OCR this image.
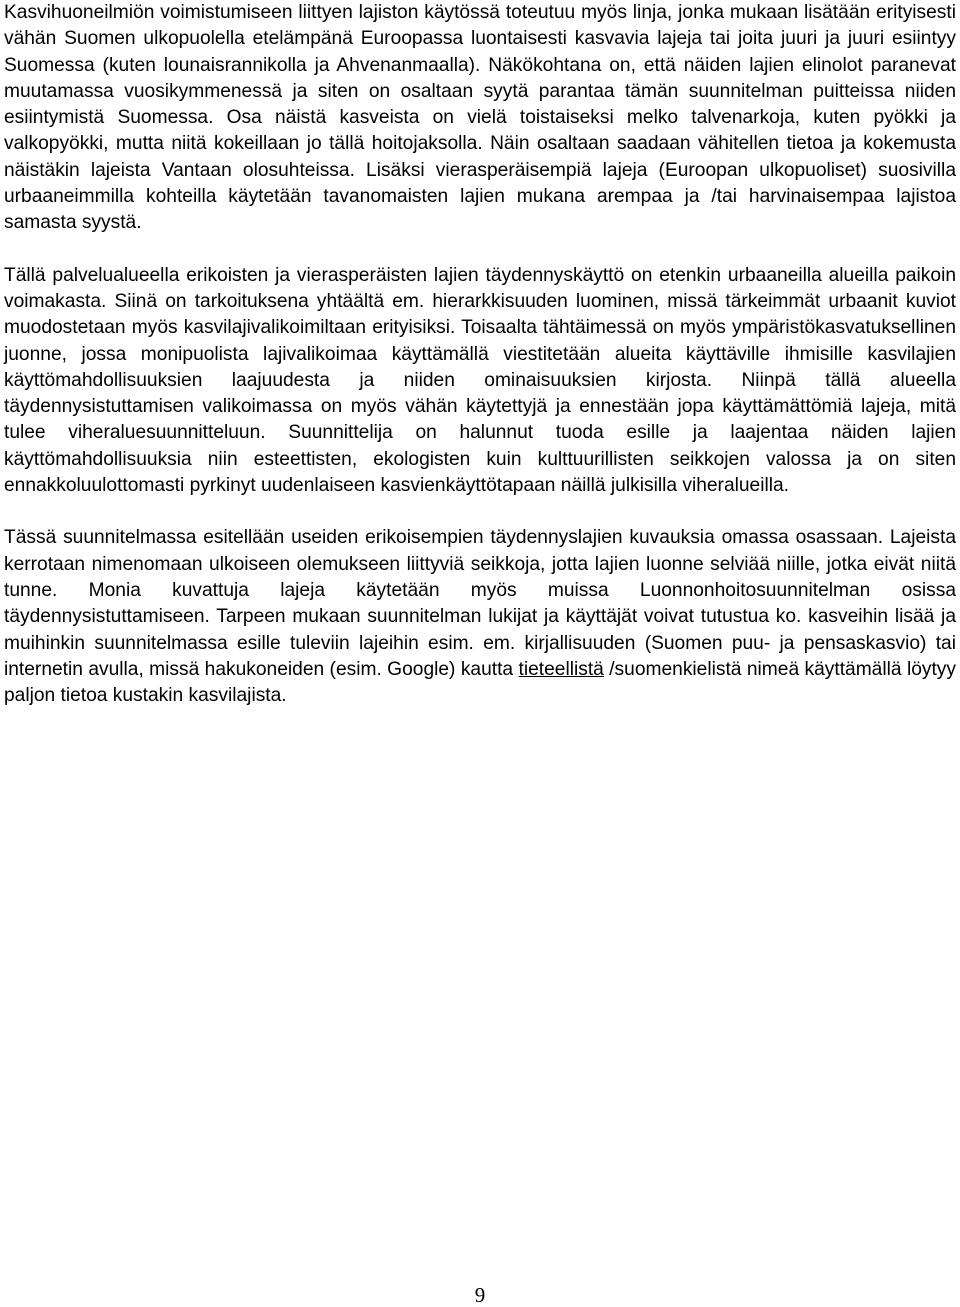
Kasvihuoneilmiön voimistumiseen liittyen lajiston käytössä toteutuu myös linja, jonka mukaan lisätään erityisesti vähän Suomen ulkopuolella etelämpänä Euroopassa luontaisesti kasvavia lajeja tai joita juuri ja juuri esiintyy Suomessa (kuten lounaisrannikolla ja Ahvenanmaalla). Näkökohtana on, että näiden lajien elinolot paranevat muutamassa vuosikymmenessä ja siten on osaltaan syytä parantaa tämän suunnitelman puitteissa niiden esiintymistä Suomessa. Osa näistä kasveista on vielä toistaiseksi melko talvenarkoja, kuten pyökki ja valkopyökki, mutta niitä kokeillaan jo tällä hoitojaksolla. Näin osaltaan saadaan vähitellen tietoa ja kokemusta näistäkin lajeista Vantaan olosuhteissa. Lisäksi vierasperäisempiä lajeja (Euroopan ulkopuoliset) suosivilla urbaaneimmilla kohteilla käytetään tavanomaisten lajien mukana arempaa ja /tai harvinaisempaa lajistoa samasta syystä.

Tällä palvelualueella erikoisten ja vierasperäisten lajien täydennyskäyttö on etenkin urbaaneilla alueilla paikoin voimakasta. Siinä on tarkoituksena yhtäältä em. hierarkkisuuden luominen, missä tärkeimmät urbaanit kuviot muodostetaan myös kasvilajivalikoimiltaan erityisiksi. Toisaalta tähtäimessä on myös ympäristökasvatuksellinen juonne, jossa monipuolista lajivalikoimaa käyttämällä viestitetään alueita käyttäville ihmisille kasvilajien käyttömahdollisuuksien laajuudesta ja niiden ominaisuuksien kirjosta. Niinpä tällä alueella täydennysistuttamisen valikoimassa on myös vähän käytettyjä ja ennestään jopa käyttämättömiä lajeja, mitä tulee viheraluesuunnitteluun. Suunnittelija on halunnut tuoda esille ja laajentaa näiden lajien käyttömahdollisuuksia niin esteettisten, ekologisten kuin kulttuurillisten seikkojen valossa ja on siten ennakkoluulottomasti pyrkinyt uudenlaiseen kasvienkäyttötapaan näillä julkisilla viheralueilla.

Tässä suunnitelmassa esitellään useiden erikoisempien täydennyslajien kuvauksia omassa osassaan. Lajeista kerrotaan nimenomaan ulkoiseen olemukseen liittyviä seikkoja, jotta lajien luonne selviää niille, jotka eivät niitä tunne. Monia kuvattuja lajeja käytetään myös muissa Luonnonhoitosuunnitelman osissa täydennysistuttamiseen. Tarpeen mukaan suunnitelman lukijat ja käyttäjät voivat tutustua ko. kasveihin lisää ja muihinkin suunnitelmassa esille tuleviin lajeihin esim. em. kirjallisuuden (Suomen puu- ja pensaskasvio) tai internetin avulla, missä hakukoneiden (esim. Google) kautta tieteellistä /suomenkielistä nimeä käyttämällä löytyy paljon tietoa kustakin kasvilajista.

9
